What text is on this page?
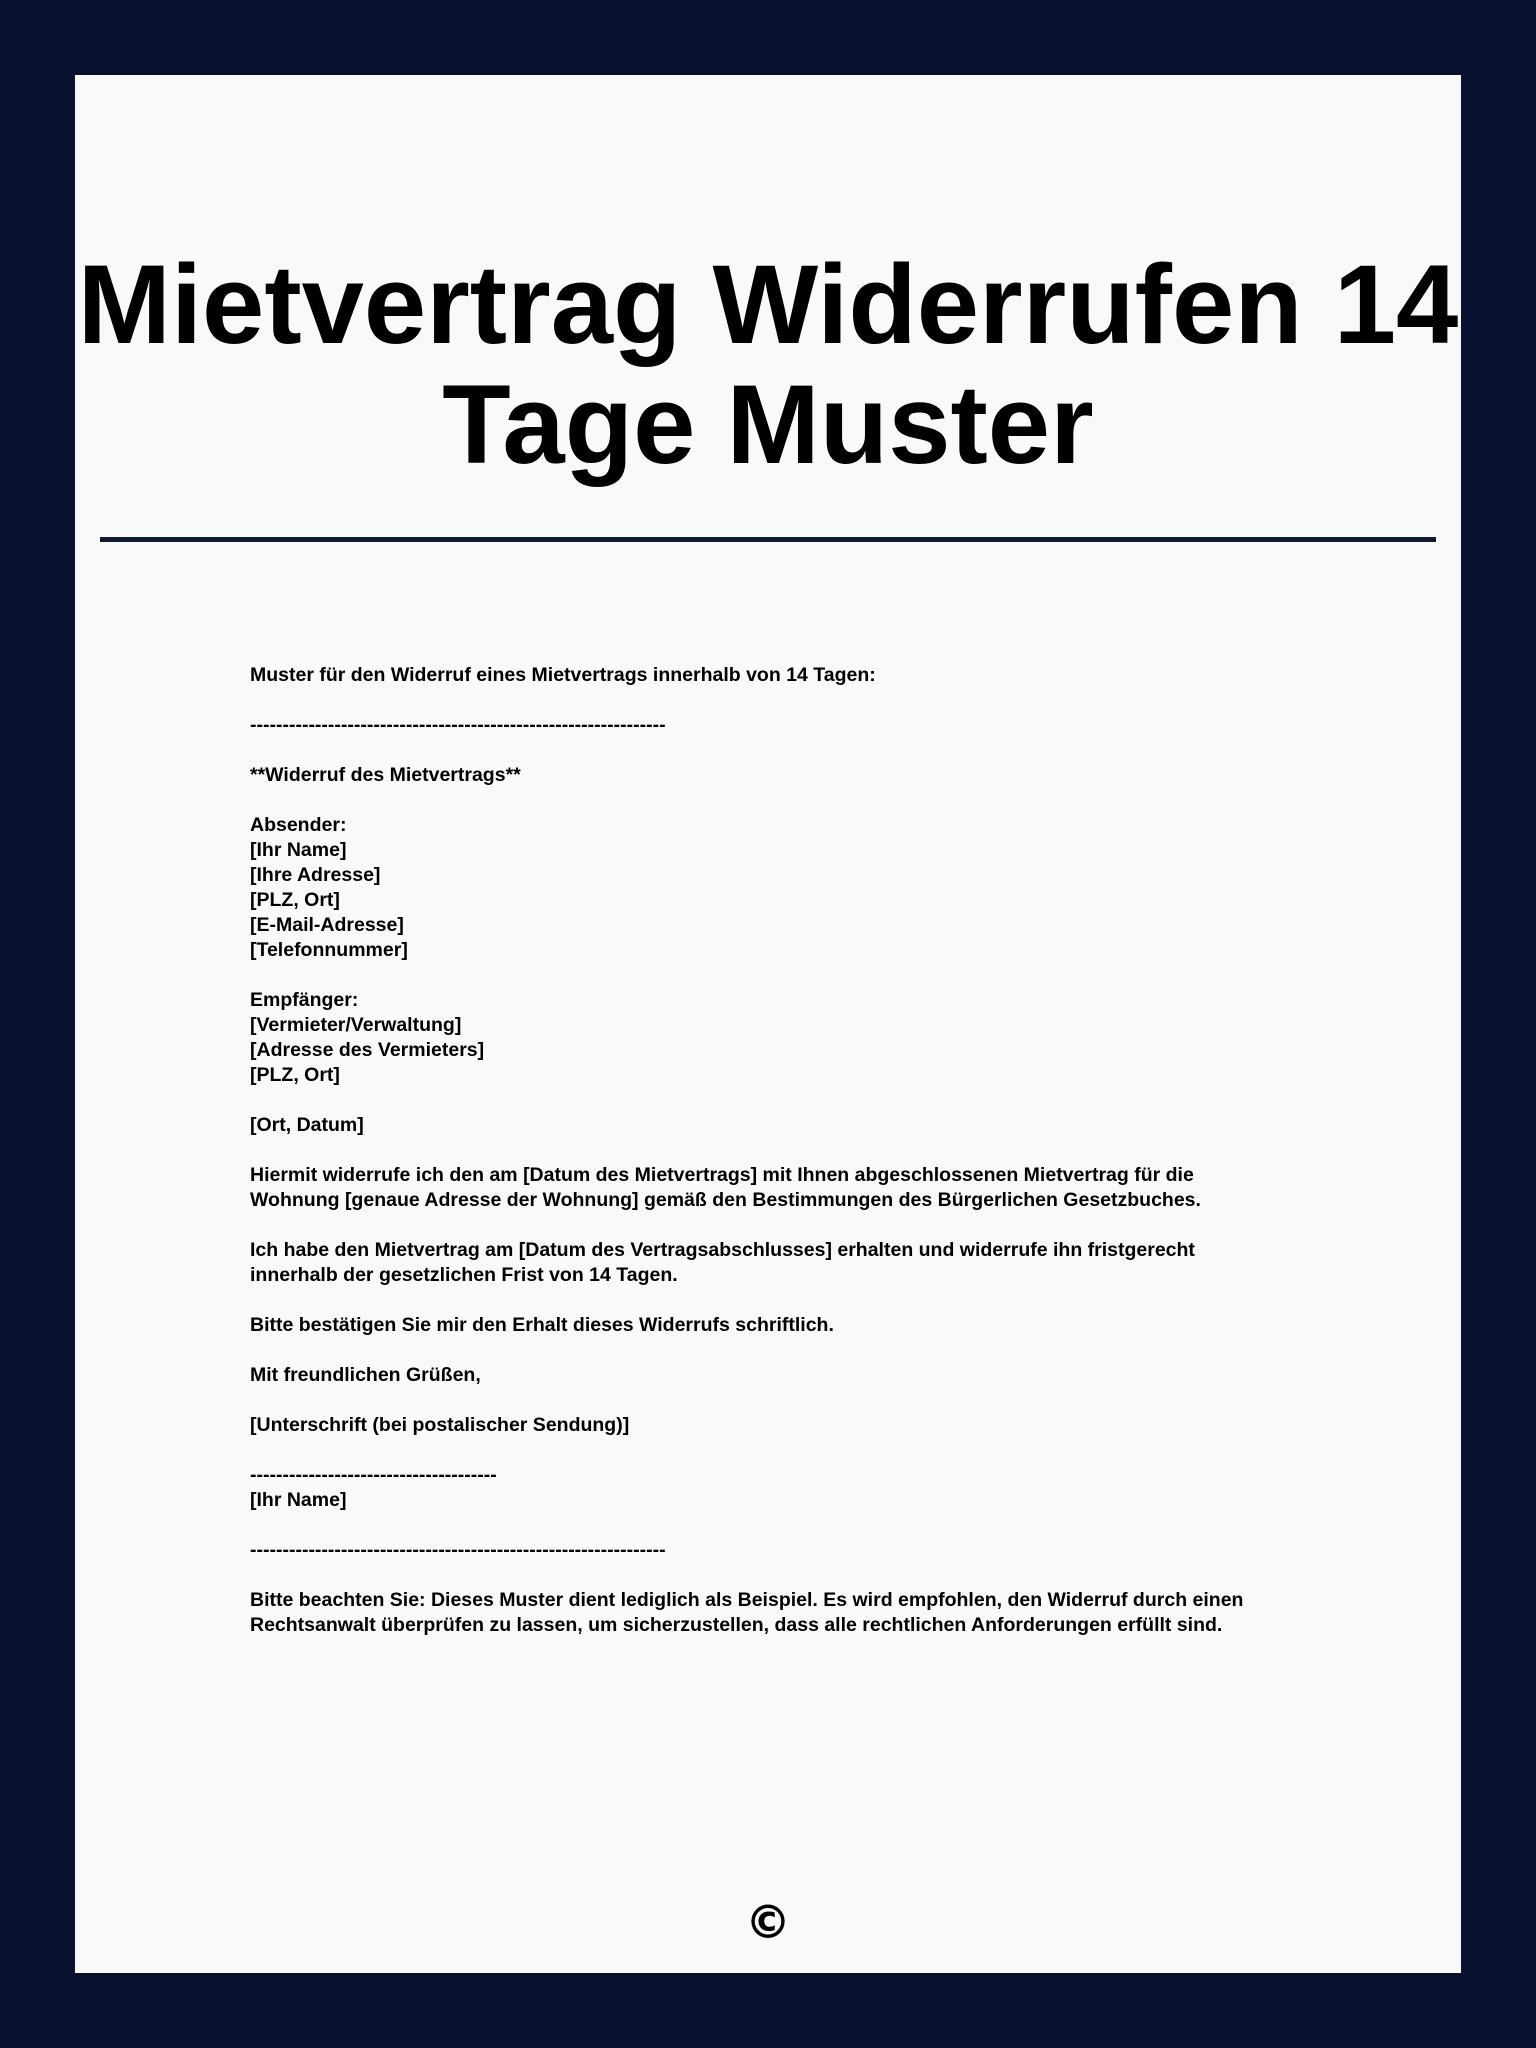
Mietvertrag Widerrufen 14 Tage Muster
Muster für den Widerruf eines Mietvertrags innerhalb von 14 Tagen:
----------------------------------------------------------------
**Widerruf des Mietvertrags**
Absender:
[Ihr Name]
[Ihre Adresse]
[PLZ, Ort]
[E-Mail-Adresse]
[Telefonnummer]
Empfänger:
[Vermieter/Verwaltung]
[Adresse des Vermieters]
[PLZ, Ort]
[Ort, Datum]
Hiermit widerrufe ich den am [Datum des Mietvertrags] mit Ihnen abgeschlossenen Mietvertrag für die
Wohnung [genaue Adresse der Wohnung] gemäß den Bestimmungen des Bürgerlichen Gesetzbuches.
Ich habe den Mietvertrag am [Datum des Vertragsabschlusses] erhalten und widerrufe ihn fristgerecht
innerhalb der gesetzlichen Frist von 14 Tagen.
Bitte bestätigen Sie mir den Erhalt dieses Widerrufs schriftlich.
Mit freundlichen Grüßen,
[Unterschrift (bei postalischer Sendung)]
--------------------------------------
[Ihr Name]
----------------------------------------------------------------
Bitte beachten Sie: Dieses Muster dient lediglich als Beispiel. Es wird empfohlen, den Widerruf durch einen
Rechtsanwalt überprüfen zu lassen, um sicherzustellen, dass alle rechtlichen Anforderungen erfüllt sind.
©
